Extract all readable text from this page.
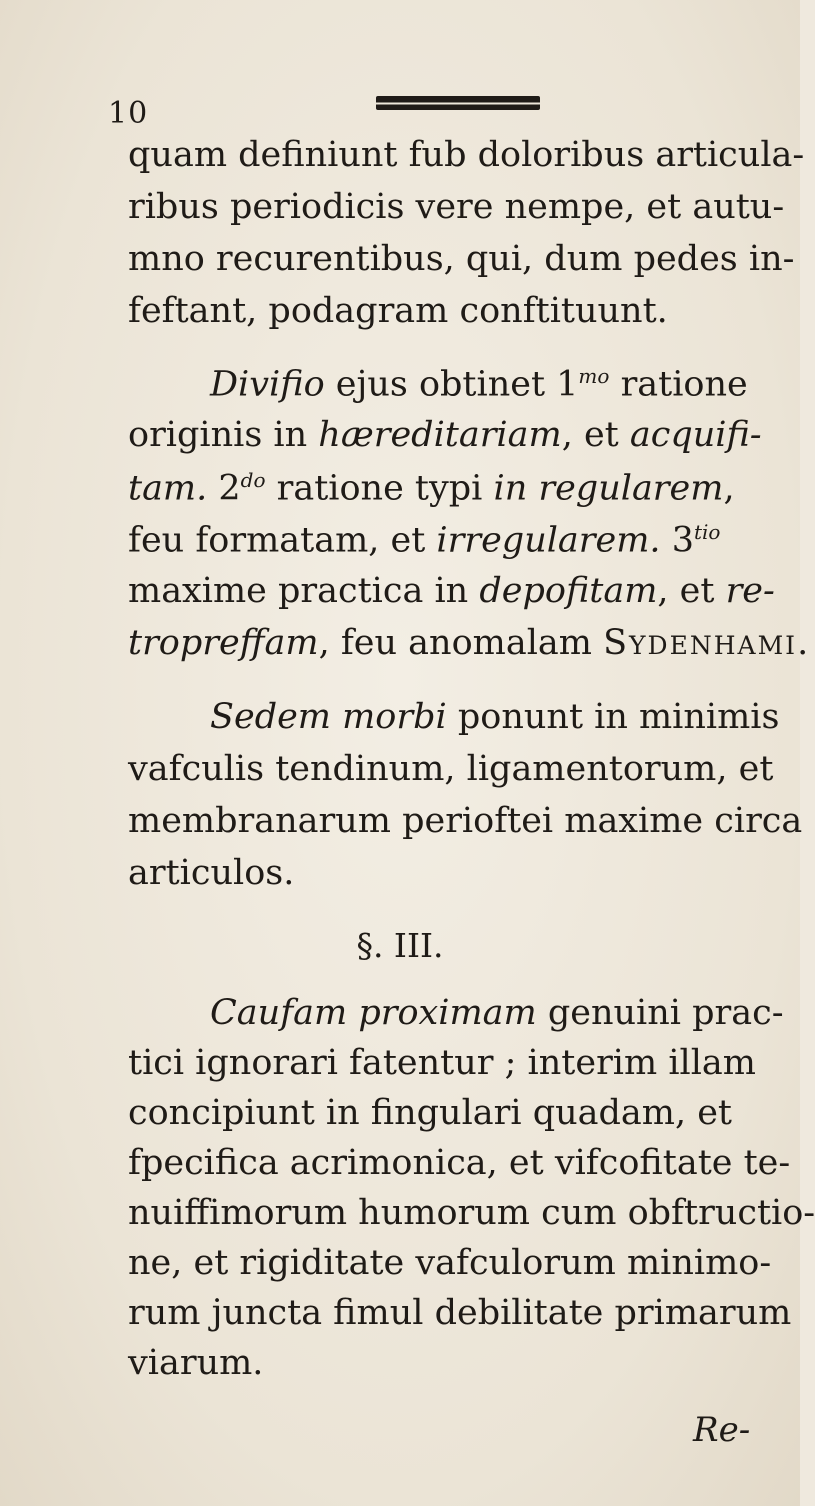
10
quam definiunt fub doloribus articula-
ribus periodicis vere nempe, et autu-
mno recurentibus, qui, dum pedes in-
feftant, podagram conftituunt.
Divifio ejus obtinet $1^{mo}$ ratione
originis in hæreditariam, et acquifi-
tam. $2^{do}$ ratione typi in regularem,
feu formatam, et irregularem. $3^{tio}$
maxime practica in depofitam, et re-
tropreffam, feu anomalam Sydenhami.
Sedem morbi ponunt in minimis
vafculis tendinum, ligamentorum, et
membranarum perioftei maxime circa
articulos.
§. III.
Caufam proximam genuini prac-
tici ignorari fatentur ; interim illam
concipiunt in fingulari quadam, et
fpecifica acrimonica, et vifcofitate te-
nuiffimorum humorum cum obftructio-
ne, et rigiditate vafculorum minimo-
rum juncta fimul debilitate primarum
viarum.
Re-
